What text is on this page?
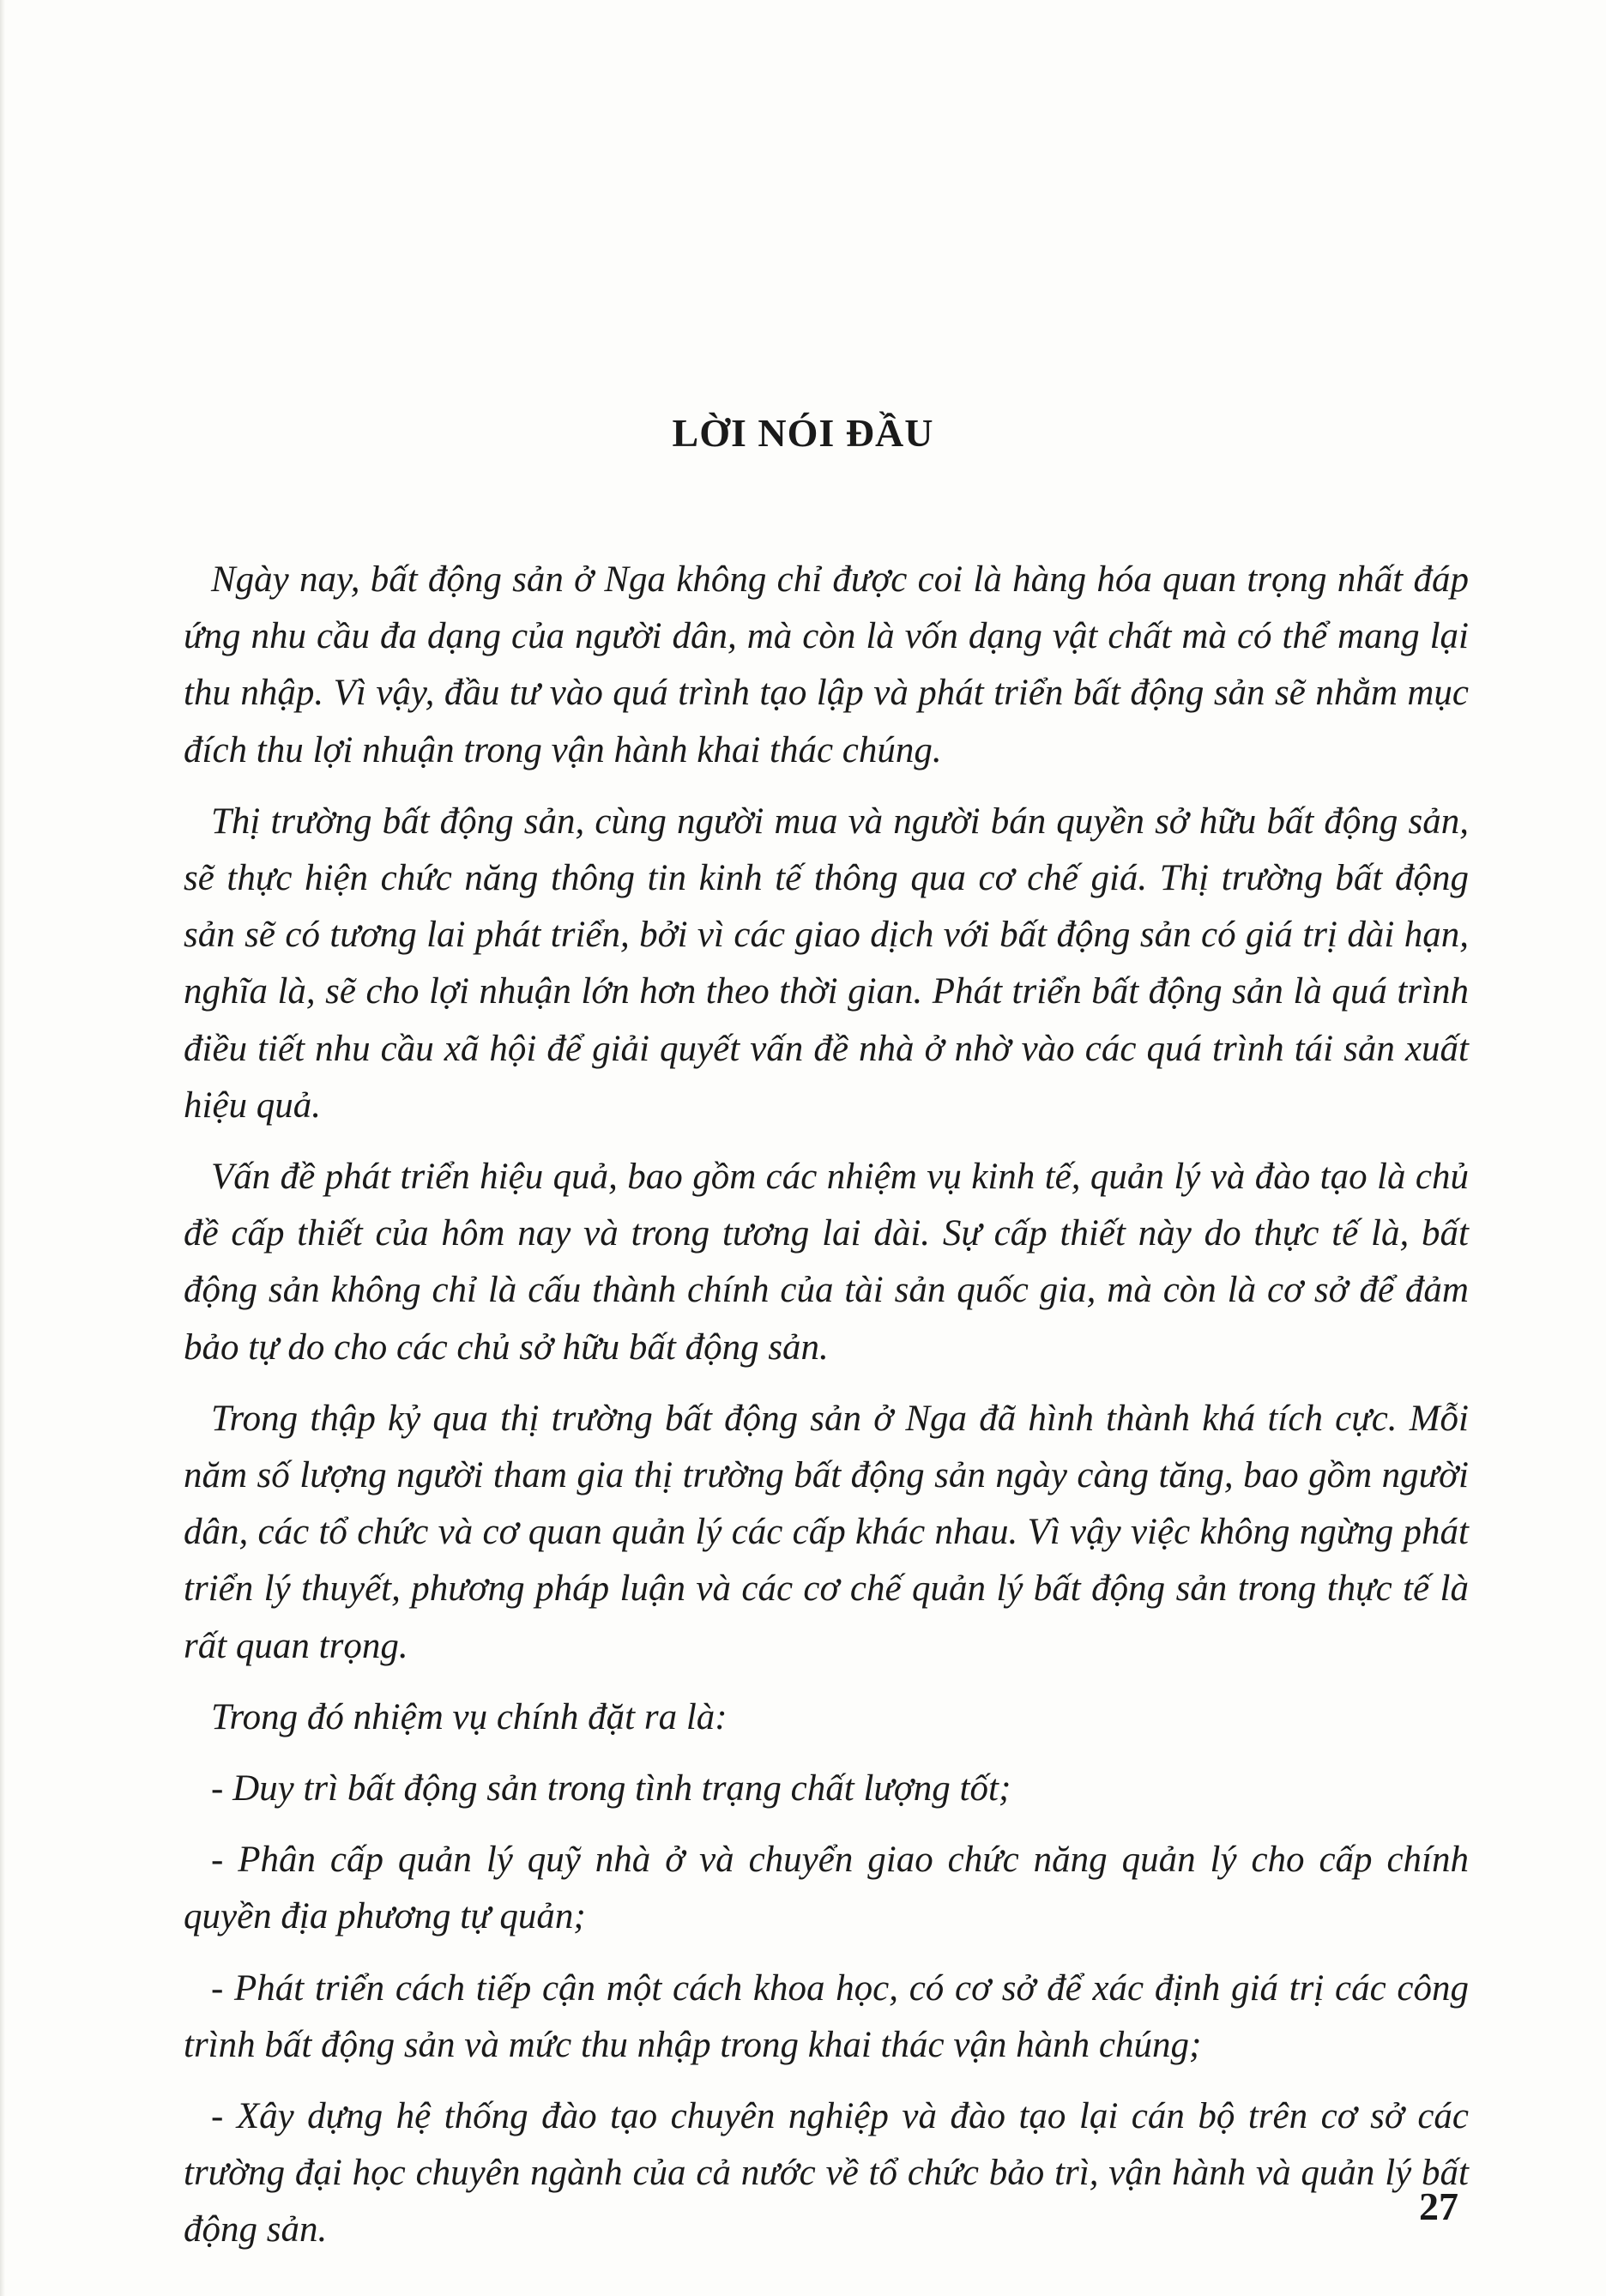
LỜI NÓI ĐẦU

Ngày nay, bất động sản ở Nga không chỉ được coi là hàng hóa quan trọng nhất đáp ứng nhu cầu đa dạng của người dân, mà còn là vốn dạng vật chất mà có thể mang lại thu nhập. Vì vậy, đầu tư vào quá trình tạo lập và phát triển bất động sản sẽ nhằm mục đích thu lợi nhuận trong vận hành khai thác chúng.

Thị trường bất động sản, cùng người mua và người bán quyền sở hữu bất động sản, sẽ thực hiện chức năng thông tin kinh tế thông qua cơ chế giá. Thị trường bất động sản sẽ có tương lai phát triển, bởi vì các giao dịch với bất động sản có giá trị dài hạn, nghĩa là, sẽ cho lợi nhuận lớn hơn theo thời gian. Phát triển bất động sản là quá trình điều tiết nhu cầu xã hội để giải quyết vấn đề nhà ở nhờ vào các quá trình tái sản xuất hiệu quả.

Vấn đề phát triển hiệu quả, bao gồm các nhiệm vụ kinh tế, quản lý và đào tạo là chủ đề cấp thiết của hôm nay và trong tương lai dài. Sự cấp thiết này do thực tế là, bất động sản không chỉ là cấu thành chính của tài sản quốc gia, mà còn là cơ sở để đảm bảo tự do cho các chủ sở hữu bất động sản.

Trong thập kỷ qua thị trường bất động sản ở Nga đã hình thành khá tích cực. Mỗi năm số lượng người tham gia thị trường bất động sản ngày càng tăng, bao gồm người dân, các tổ chức và cơ quan quản lý các cấp khác nhau. Vì vậy việc không ngừng phát triển lý thuyết, phương pháp luận và các cơ chế quản lý bất động sản trong thực tế là rất quan trọng.

Trong đó nhiệm vụ chính đặt ra là:

- Duy trì bất động sản trong tình trạng chất lượng tốt;

- Phân cấp quản lý quỹ nhà ở và chuyển giao chức năng quản lý cho cấp chính quyền địa phương tự quản;

- Phát triển cách tiếp cận một cách khoa học, có cơ sở để xác định giá trị các công trình bất động sản và mức thu nhập trong khai thác vận hành chúng;

- Xây dựng hệ thống đào tạo chuyên nghiệp và đào tạo lại cán bộ trên cơ sở các trường đại học chuyên ngành của cả nước về tổ chức bảo trì, vận hành và quản lý bất động sản.

27
